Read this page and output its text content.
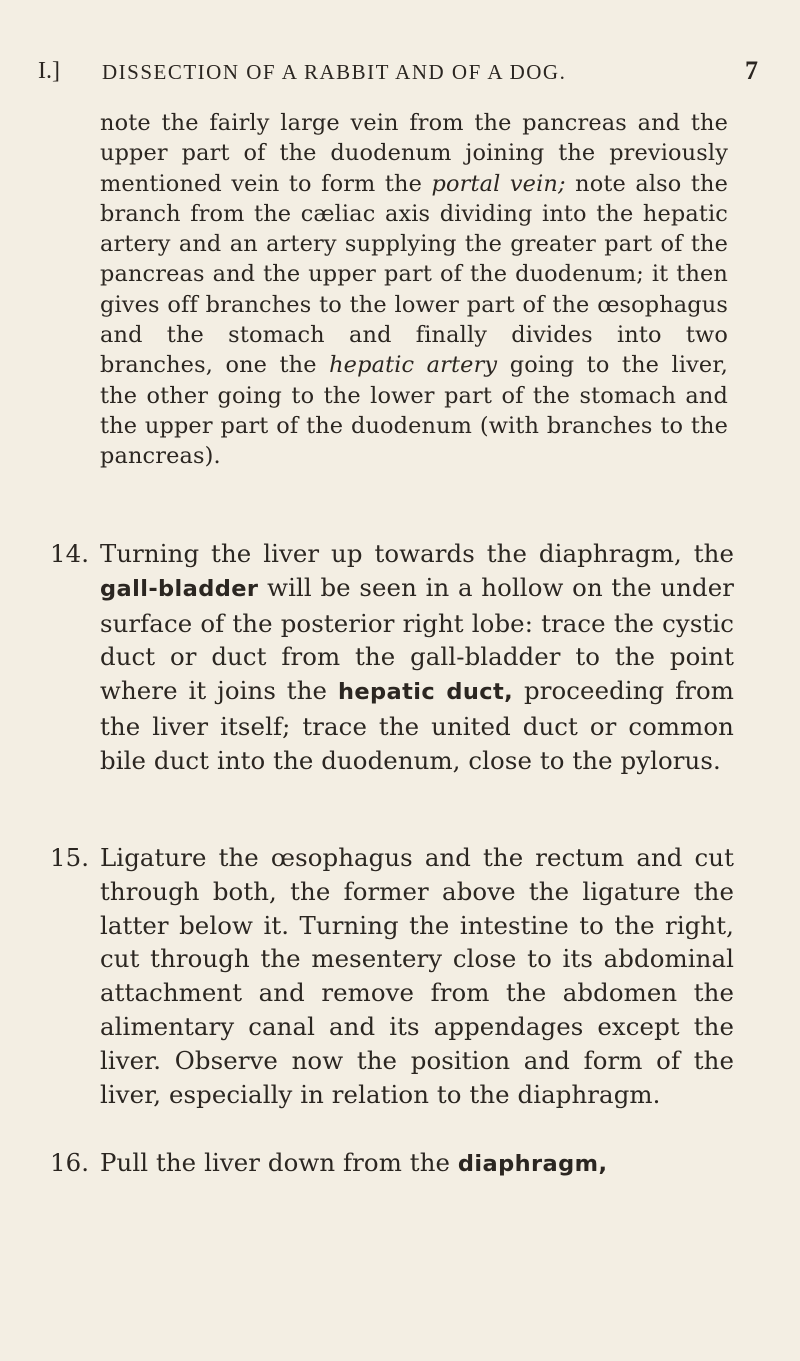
I.] DISSECTION OF A RABBIT AND OF A DOG.	7
note the fairly large vein from the pancreas and the upper part of the duodenum joining the previously mentioned vein to form the portal vein; note also the branch from the cæliac axis dividing into the hepatic artery and an artery supplying the greater part of the pancreas and the upper part of the duodenum; it then gives off branches to the lower part of the œsophagus and the stomach and finally divides into two branches, one the hepatic artery going to the liver, the other going to the lower part of the stomach and the upper part of the duodenum (with branches to the pancreas).
14. Turning the liver up towards the diaphragm, the gall-bladder will be seen in a hollow on the under surface of the posterior right lobe: trace the cystic duct or duct from the gall-bladder to the point where it joins the hepatic duct, proceeding from the liver itself; trace the united duct or common bile duct into the duodenum, close to the pylorus.
15. Ligature the œsophagus and the rectum and cut through both, the former above the ligature the latter below it. Turning the intestine to the right, cut through the mesentery close to its abdominal attachment and remove from the abdomen the alimentary canal and its appendages except the liver. Observe now the position and form of the liver, especially in relation to the diaphragm.
16. Pull the liver down from the diaphragm,
